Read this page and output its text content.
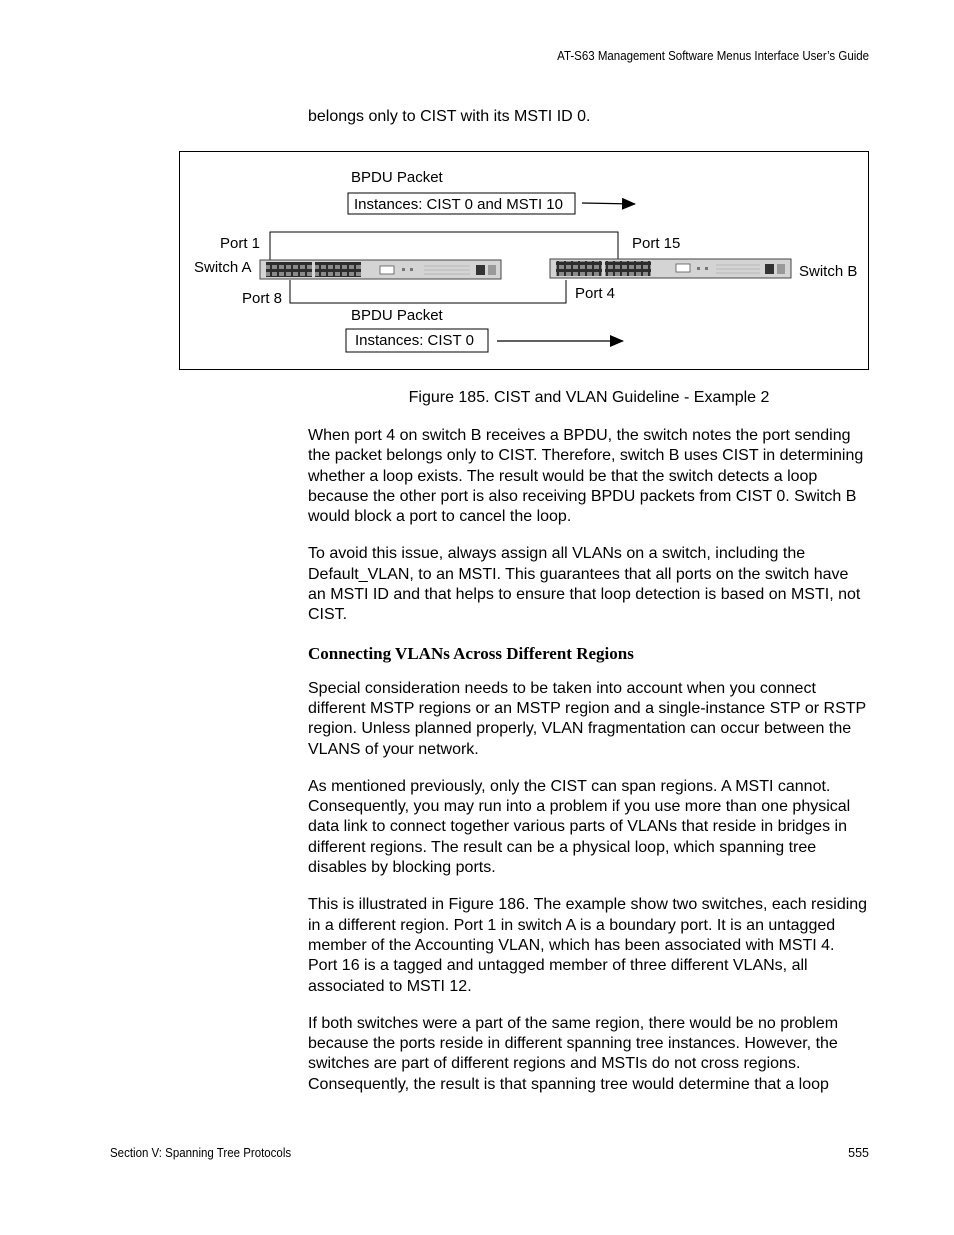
AT-S63 Management Software Menus Interface User’s Guide
belongs only to CIST with its MSTI ID 0.
BPDU Packet
Instances: CIST 0 and MSTI 10
Port 1
Switch A
Port 8
Port 15
Port 4
Switch B
BPDU Packet
Instances: CIST 0
Figure 185. CIST and VLAN Guideline - Example 2

When port 4 on switch B receives a BPDU, the switch notes the port sending the packet belongs only to CIST. Therefore, switch B uses CIST in determining whether a loop exists. The result would be that the switch detects a loop because the other port is also receiving BPDU packets from CIST 0. Switch B would block a port to cancel the loop.

To avoid this issue, always assign all VLANs on a switch, including the Default_VLAN, to an MSTI. This guarantees that all ports on the switch have an MSTI ID and that helps to ensure that loop detection is based on MSTI, not CIST.

Connecting VLANs Across Different Regions

Special consideration needs to be taken into account when you connect different MSTP regions or an MSTP region and a single-instance STP or RSTP region. Unless planned properly, VLAN fragmentation can occur between the VLANS of your network.

As mentioned previously, only the CIST can span regions. A MSTI cannot. Consequently, you may run into a problem if you use more than one physical data link to connect together various parts of VLANs that reside in bridges in different regions. The result can be a physical loop, which spanning tree disables by blocking ports.

This is illustrated in Figure 186. The example show two switches, each residing in a different region. Port 1 in switch A is a boundary port. It is an untagged member of the Accounting VLAN, which has been associated with MSTI 4. Port 16 is a tagged and untagged member of three different VLANs, all associated to MSTI 12.

If both switches were a part of the same region, there would be no problem because the ports reside in different spanning tree instances. However, the switches are part of different regions and MSTIs do not cross regions. Consequently, the result is that spanning tree would determine that a loop

Section V: Spanning Tree Protocols	555
